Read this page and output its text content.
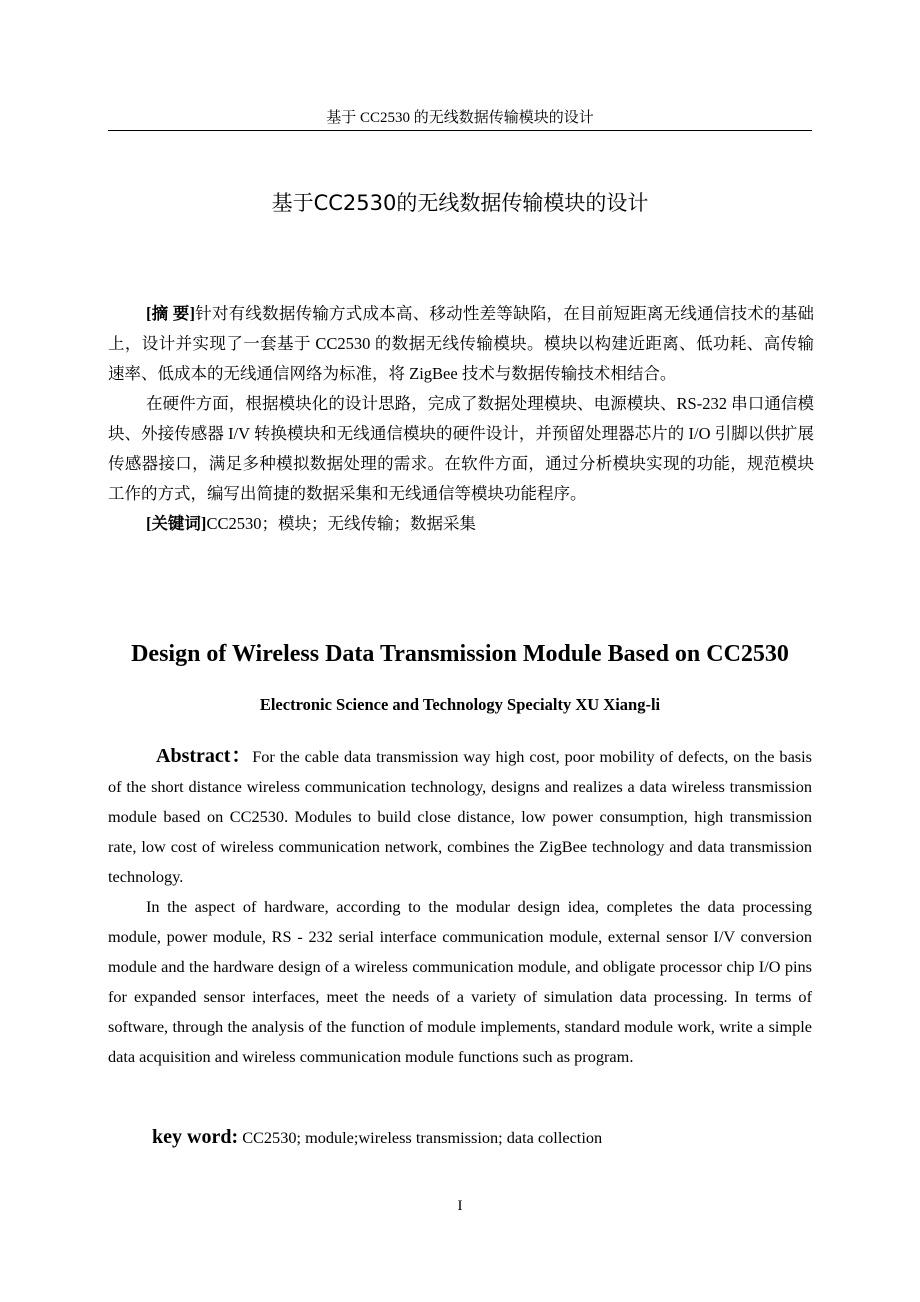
基于 CC2530 的无线数据传输模块的设计
基于CC2530的无线数据传输模块的设计

[摘 要]针对有线数据传输方式成本高、移动性差等缺陷，在目前短距离无线通信技术的基础上，设计并实现了一套基于 CC2530 的数据无线传输模块。模块以构建近距离、低功耗、高传输速率、低成本的无线通信网络为标准，将 ZigBee 技术与数据传输技术相结合。

在硬件方面，根据模块化的设计思路，完成了数据处理模块、电源模块、RS-232 串口通信模块、外接传感器 I/V 转换模块和无线通信模块的硬件设计，并预留处理器芯片的 I/O 引脚以供扩展传感器接口，满足多种模拟数据处理的需求。在软件方面，通过分析模块实现的功能，规范模块工作的方式，编写出简捷的数据采集和无线通信等模块功能程序。

[关键词]CC2530；模块；无线传输；数据采集

Design of Wireless Data Transmission Module Based on CC2530
Electronic Science and Technology Specialty XU Xiang-li

Abstract：For the cable data transmission way high cost, poor mobility of defects, on the basis of the short distance wireless communication technology, designs and realizes a data wireless transmission module based on CC2530. Modules to build close distance, low power consumption, high transmission rate, low cost of wireless communication network, combines the ZigBee technology and data transmission technology.

In the aspect of hardware, according to the modular design idea, completes the data processing module, power module, RS - 232 serial interface communication module, external sensor I/V conversion module and the hardware design of a wireless communication module, and obligate processor chip I/O pins for expanded sensor interfaces, meet the needs of a variety of simulation data processing. In terms of software, through the analysis of the function of module implements, standard module work, write a simple data acquisition and wireless communication module functions such as program.

key word: CC2530; module;wireless transmission; data collection
I
